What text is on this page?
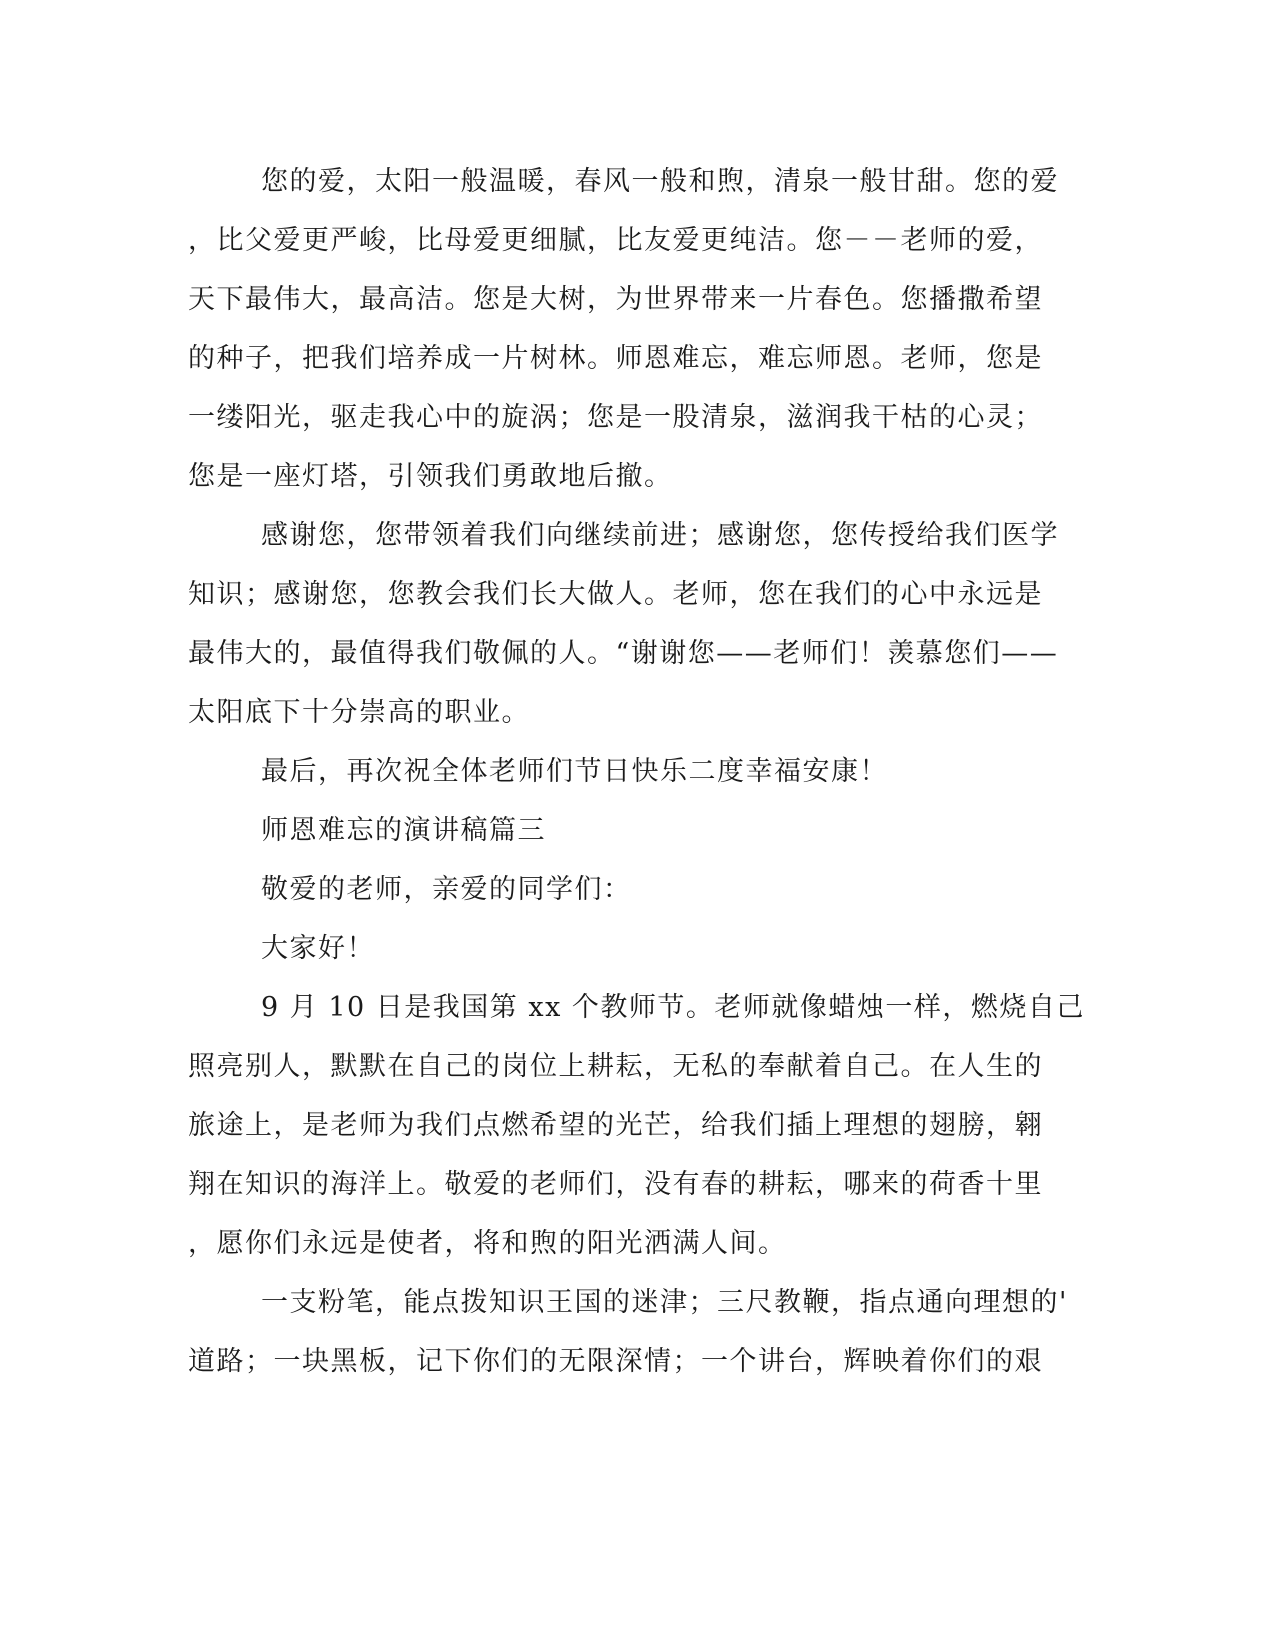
您的爱，太阳一般温暖，春风一般和煦，清泉一般甘甜。您的爱
，比父爱更严峻，比母爱更细腻，比友爱更纯洁。您－－老师的爱，
天下最伟大，最高洁。您是大树，为世界带来一片春色。您播撒希望
的种子，把我们培养成一片树林。师恩难忘，难忘师恩。老师，您是
一缕阳光，驱走我心中的旋涡；您是一股清泉，滋润我干枯的心灵；
您是一座灯塔，引领我们勇敢地后撤。
感谢您，您带领着我们向继续前进；感谢您，您传授给我们医学
知识；感谢您，您教会我们长大做人。老师，您在我们的心中永远是
最伟大的，最值得我们敬佩的人。“谢谢您——老师们！羡慕您们——
太阳底下十分崇高的职业。
最后，再次祝全体老师们节日快乐二度幸福安康！
师恩难忘的演讲稿篇三
敬爱的老师，亲爱的同学们：
大家好！
9 月 10 日是我国第 xx 个教师节。老师就像蜡烛一样，燃烧自己
照亮别人，默默在自己的岗位上耕耘，无私的奉献着自己。在人生的
旅途上，是老师为我们点燃希望的光芒，给我们插上理想的翅膀，翱
翔在知识的海洋上。敬爱的老师们，没有春的耕耘，哪来的荷香十里
，愿你们永远是使者，将和煦的阳光洒满人间。
一支粉笔，能点拨知识王国的迷津；三尺教鞭，指点通向理想的'
道路；一块黑板，记下你们的无限深情；一个讲台，辉映着你们的艰
